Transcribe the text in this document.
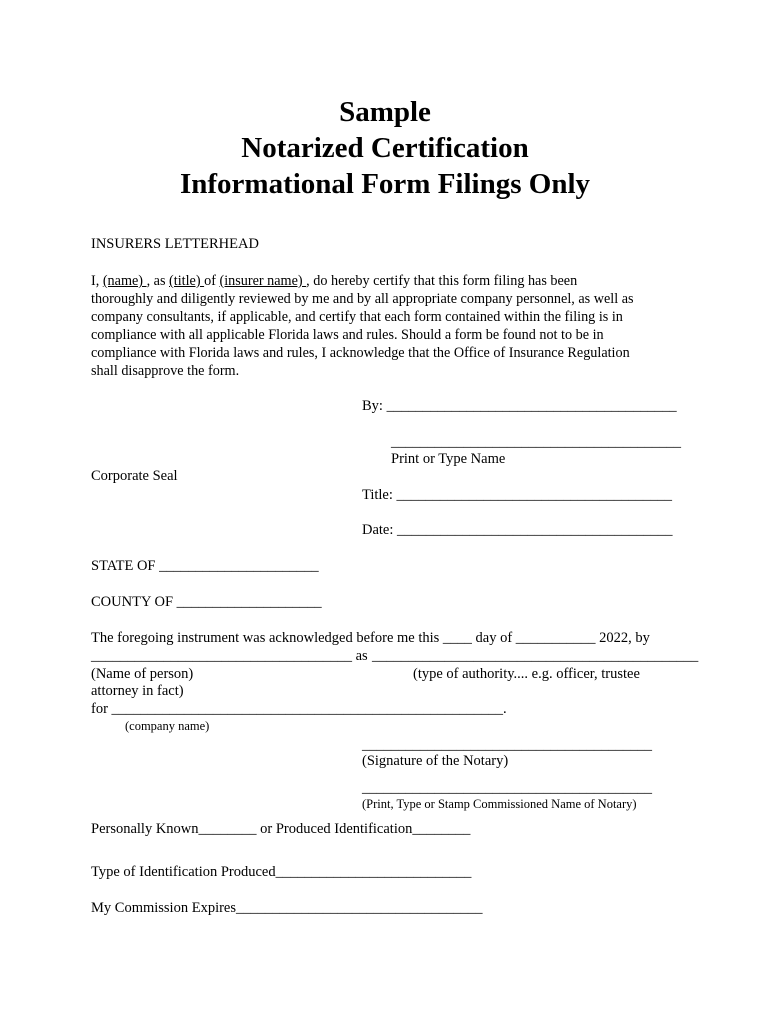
Sample
Notarized Certification
Informational Form Filings Only
INSURERS LETTERHEAD
I, (name) , as (title) of (insurer name) , do hereby certify that this form filing has been
thoroughly and diligently reviewed by me and by all appropriate company personnel, as well as
company consultants, if applicable, and certify that each form contained within the filing is in
compliance with all applicable Florida laws and rules. Should a form be found not to be in
compliance with Florida laws and rules, I acknowledge that the Office of Insurance Regulation
shall disapprove the form.
By: ________________________________________
________________________________________
Print or Type Name
Corporate Seal
Title: ______________________________________
Date: ______________________________________
STATE OF ______________________
COUNTY OF ____________________
The foregoing instrument was acknowledged before me this ____ day of ___________ 2022, by
____________________________________ as _____________________________________________
(Name of person)	(type of authority.... e.g. officer, trustee
attorney in fact)
for ______________________________________________________.
(company name)
________________________________________
(Signature of the Notary)
________________________________________
(Print, Type or Stamp Commissioned Name of Notary)
Personally Known________ or Produced Identification________
Type of Identification Produced___________________________
My Commission Expires__________________________________
